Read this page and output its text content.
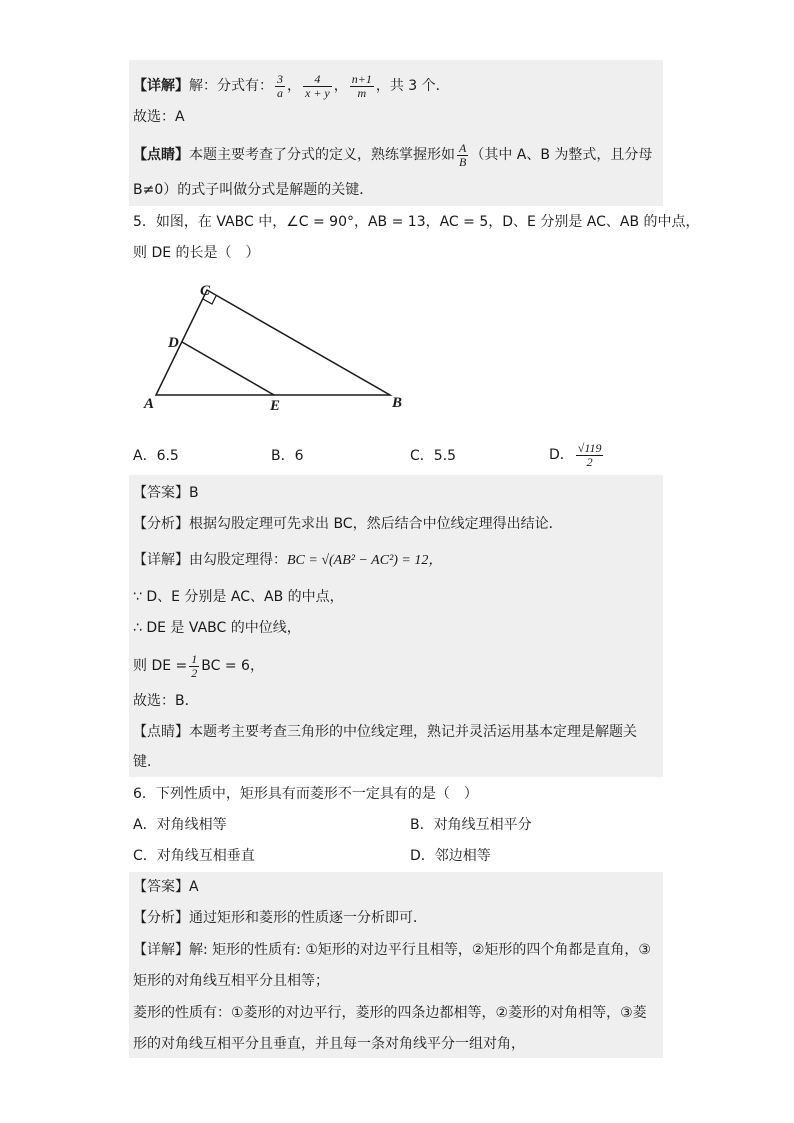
【详解】解：分式有： $\frac{3}{a}$ ， $\frac{4}{x + y}$ ， $\frac{n+1}{m}$ ，共 3 个．
故选：A
【点睛】本题主要考查了分式的定义，熟练掌握形如 $\frac{A}{B}$ （其中 A、B 为整式，且分母
B≠0）的式子叫做分式是解题的关键．
5．如图，在 VABC 中，∠C = 90°，AB = 13，AC = 5，D、E 分别是 AC、AB 的中点，
则 DE 的长是（　）
A	B
C
D
E
A．6.5	B．6	C．5.5	D． $\frac{√119}{2}$
【答案】B
【分析】根据勾股定理可先求出 BC，然后结合中位线定理得出结论．
【详解】由勾股定理得：BC = √(AB² − AC²) = 12，
∵ D、E 分别是 AC、AB 的中点，
∴ DE 是 VABC 的中位线，
则 DE = $\frac{1}{2}$ BC = 6，
故选：B．
【点睛】本题考主要考查三角形的中位线定理，熟记并灵活运用基本定理是解题关
键．
6．下列性质中，矩形具有而菱形不一定具有的是（　）
A．对角线相等	B．对角线互相平分
C．对角线互相垂直	D．邻边相等
【答案】A
【分析】通过矩形和菱形的性质逐一分析即可．
【详解】解: 矩形的性质有: ①矩形的对边平行且相等，②矩形的四个角都是直角，③
矩形的对角线互相平分且相等；
菱形的性质有：①菱形的对边平行，菱形的四条边都相等，②菱形的对角相等，③菱
形的对角线互相平分且垂直，并且每一条对角线平分一组对角，
